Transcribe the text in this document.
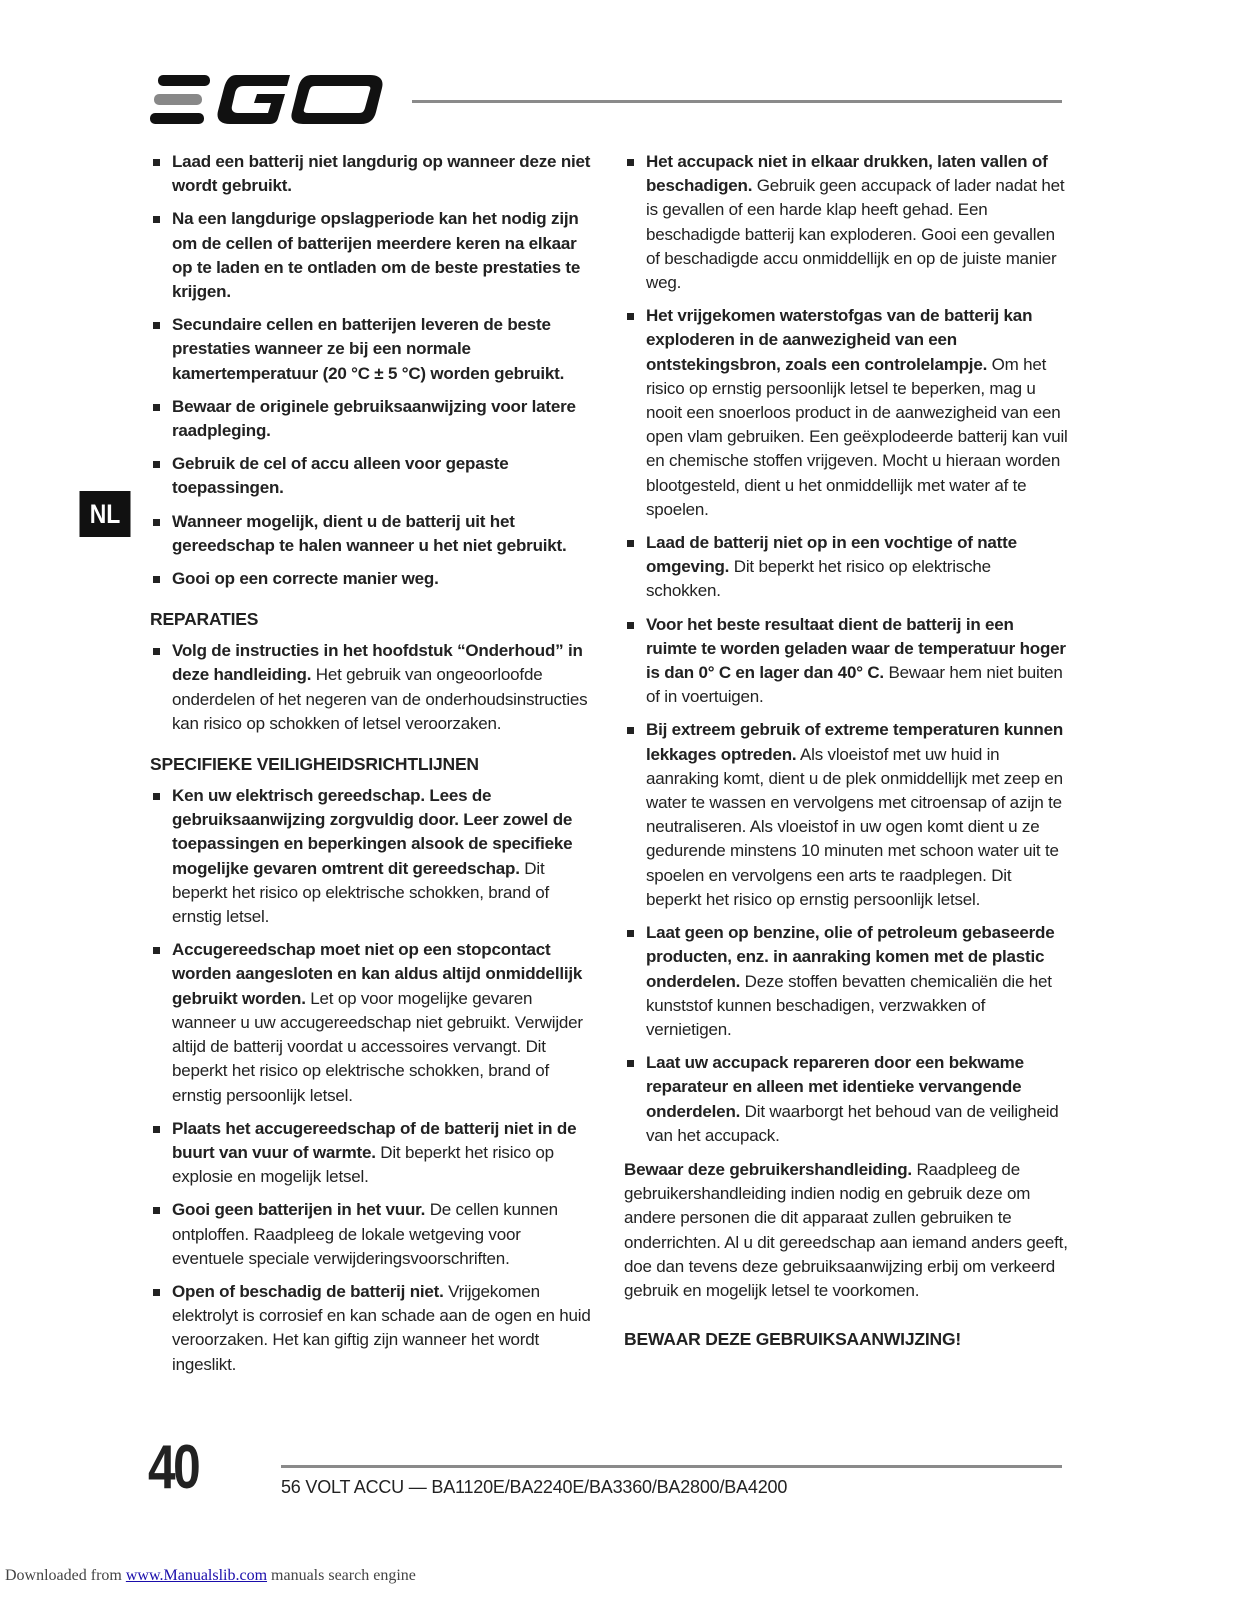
NL
Laad een batterij niet langdurig op wanneer deze niet wordt gebruikt.
Na een langdurige opslagperiode kan het nodig zijn om de cellen of batterijen meerdere keren na elkaar op te laden en te ontladen om de beste prestaties te krijgen.
Secundaire cellen en batterijen leveren de beste prestaties wanneer ze bij een normale kamertemperatuur (20 °C ± 5 °C) worden gebruikt.
Bewaar de originele gebruiksaanwijzing voor latere raadpleging.
Gebruik de cel of accu alleen voor gepaste toepassingen.
Wanneer mogelijk, dient u de batterij uit het gereedschap te halen wanneer u het niet gebruikt.
Gooi op een correcte manier weg.
REPARATIES
Volg de instructies in het hoofdstuk “Onderhoud” in deze handleiding. Het gebruik van ongeoorloofde onderdelen of het negeren van de onderhoudsinstructies kan risico op schokken of letsel veroorzaken.
SPECIFIEKE VEILIGHEIDSRICHTLIJNEN
Ken uw elektrisch gereedschap. Lees de gebruiksaanwijzing zorgvuldig door. Leer zowel de toepassingen en beperkingen alsook de specifieke mogelijke gevaren omtrent dit gereedschap. Dit beperkt het risico op elektrische schokken, brand of ernstig letsel.
Accugereedschap moet niet op een stopcontact worden aangesloten en kan aldus altijd onmiddellijk gebruikt worden. Let op voor mogelijke gevaren wanneer u uw accugereedschap niet gebruikt. Verwijder altijd de batterij voordat u accessoires vervangt. Dit beperkt het risico op elektrische schokken, brand of ernstig persoonlijk letsel.
Plaats het accugereedschap of de batterij niet in de buurt van vuur of warmte. Dit beperkt het risico op explosie en mogelijk letsel.
Gooi geen batterijen in het vuur. De cellen kunnen ontploffen. Raadpleeg de lokale wetgeving voor eventuele speciale verwijderingsvoorschriften.
Open of beschadig de batterij niet. Vrijgekomen elektrolyt is corrosief en kan schade aan de ogen en huid veroorzaken. Het kan giftig zijn wanneer het wordt ingeslikt.
Het accupack niet in elkaar drukken, laten vallen of beschadigen. Gebruik geen accupack of lader nadat het is gevallen of een harde klap heeft gehad. Een beschadigde batterij kan exploderen. Gooi een gevallen of beschadigde accu onmiddellijk en op de juiste manier weg.
Het vrijgekomen waterstofgas van de batterij kan exploderen in de aanwezigheid van een ontstekingsbron, zoals een controlelampje. Om het risico op ernstig persoonlijk letsel te beperken, mag u nooit een snoerloos product in de aanwezigheid van een open vlam gebruiken. Een geëxplodeerde batterij kan vuil en chemische stoffen vrijgeven. Mocht u hieraan worden blootgesteld, dient u het onmiddellijk met water af te spoelen.
Laad de batterij niet op in een vochtige of natte omgeving. Dit beperkt het risico op elektrische schokken.
Voor het beste resultaat dient de batterij in een ruimte te worden geladen waar de temperatuur hoger is dan 0° C en lager dan 40° C. Bewaar hem niet buiten of in voertuigen.
Bij extreem gebruik of extreme temperaturen kunnen lekkages optreden. Als vloeistof met uw huid in aanraking komt, dient u de plek onmiddellijk met zeep en water te wassen en vervolgens met citroensap of azijn te neutraliseren. Als vloeistof in uw ogen komt dient u ze gedurende minstens 10 minuten met schoon water uit te spoelen en vervolgens een arts te raadplegen. Dit beperkt het risico op ernstig persoonlijk letsel.
Laat geen op benzine, olie of petroleum gebaseerde producten, enz. in aanraking komen met de plastic onderdelen. Deze stoffen bevatten chemicaliën die het kunststof kunnen beschadigen, verzwakken of vernietigen.
Laat uw accupack repareren door een bekwame reparateur en alleen met identieke vervangende onderdelen. Dit waarborgt het behoud van de veiligheid van het accupack.
Bewaar deze gebruikershandleiding. Raadpleeg de gebruikershandleiding indien nodig en gebruik deze om andere personen die dit apparaat zullen gebruiken te onderrichten. Al u dit gereedschap aan iemand anders geeft, doe dan tevens deze gebruiksaanwijzing erbij om verkeerd gebruik en mogelijk letsel te voorkomen.
BEWAAR DEZE GEBRUIKSAANWIJZING!
40	56 VOLT ACCU — BA1120E/BA2240E/BA3360/BA2800/BA4200
Downloaded from www.Manualslib.com manuals search engine
